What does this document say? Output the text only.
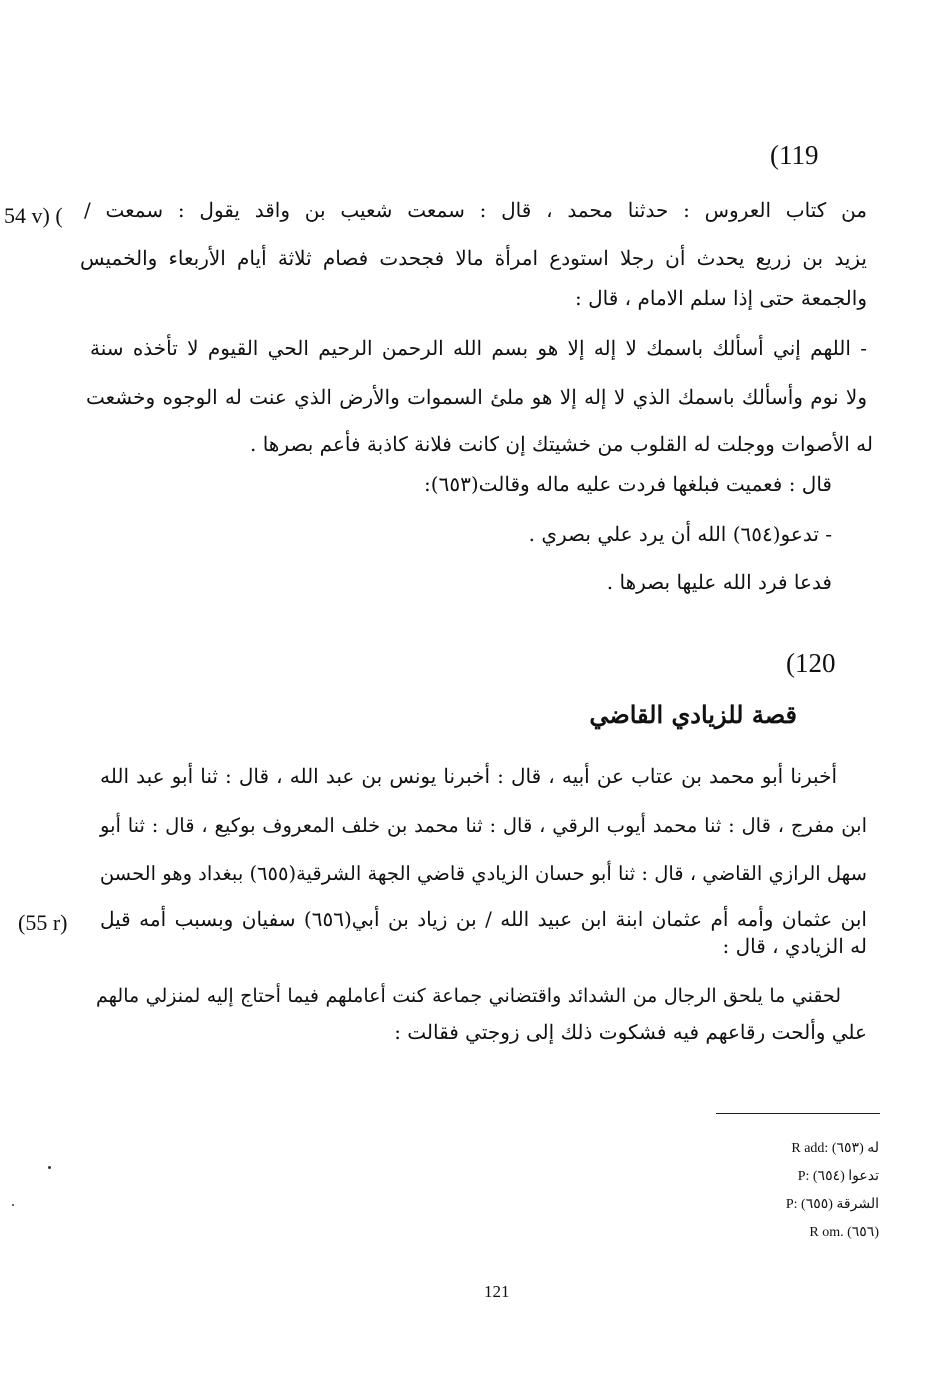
(119
54 v) ( من كتاب العروس : حدثنا محمد ، قال : سمعت شعيب بن واقد يقول : سمعت /
يزيد بن زريع يحدث أن رجلا استودع امرأة مالا فجحدت فصام ثلاثة أيام الأربعاء والخميس
والجمعة حتى إذا سلم الامام ، قال :
- اللهم إني أسألك باسمك لا إله إلا هو بسم الله الرحمن الرحيم الحي القيوم لا تأخذه سنة
ولا نوم وأسألك باسمك الذي لا إله إلا هو ملئ السموات والأرض الذي عنت له الوجوه وخشعت
له الأصوات ووجلت له القلوب من خشيتك إن كانت فلانة كاذبة فأعم بصرها .
قال : فعميت فبلغها فردت عليه ماله وقالت(٦٥٣):
- تدعو(٦٥٤) الله أن يرد علي بصري .
فدعا فرد الله عليها بصرها .
(120
قصة للزيادي القاضي
أخبرنا أبو محمد بن عتاب عن أبيه ، قال : أخبرنا يونس بن عبد الله ، قال : ثنا أبو عبد الله
ابن مفرج ، قال : ثنا محمد أيوب الرقي ، قال : ثنا محمد بن خلف المعروف بوكيع ، قال : ثنا أبو
سهل الرازي القاضي ، قال : ثنا أبو حسان الزيادي قاضي الجهة الشرقية(٦٥٥) ببغداد وهو الحسن
ابن عثمان وأمه أم عثمان ابنة ابن عبيد الله / بن زياد بن أبي(٦٥٦) سفيان وبسبب أمه قيل
(55 r)
له الزيادي ، قال :
لحقني ما يلحق الرجال من الشدائد واقتضاني جماعة كنت أعاملهم فيما أحتاج إليه لمنزلي مالهم
علي وألحت رقاعهم فيه فشكوت ذلك إلى زوجتي فقالت :
R add: له (٦٥٣)
P: تدعوا (٦٥٤)
P: الشرقة (٦٥٥)
R om. (٦٥٦)
121
